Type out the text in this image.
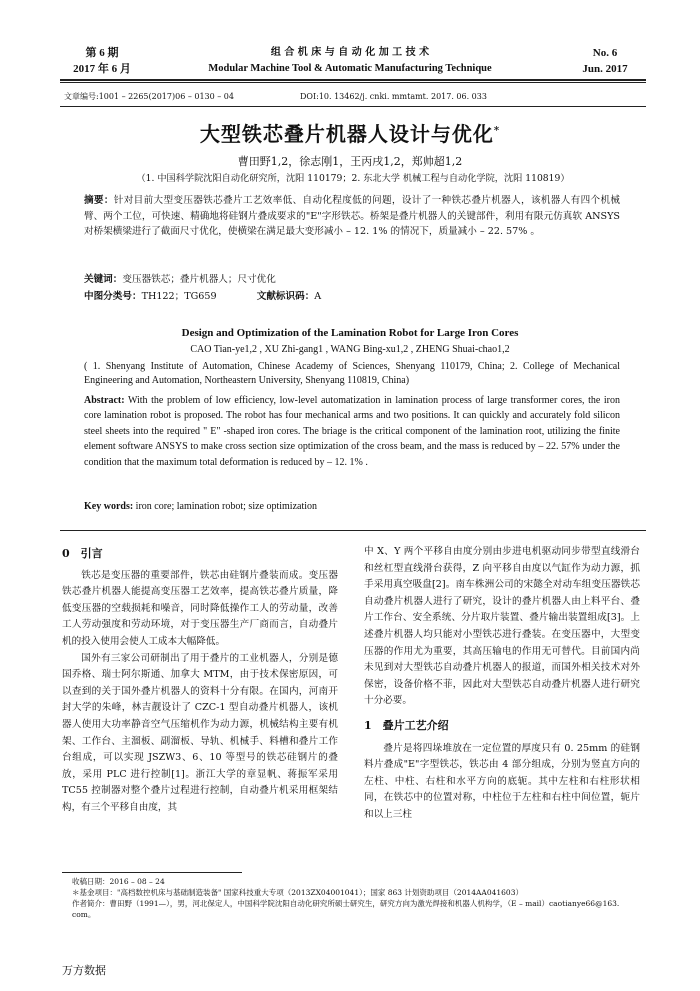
第 6 期
2017 年 6 月
组 合 机 床 与 自 动 化 加 工 技 术
Modular Machine Tool & Automatic Manufacturing Technique
No. 6
Jun. 2017
文章编号:1001 – 2265(2017)06 – 0130 – 04	DOI:10. 13462/j. cnki. mmtamt. 2017. 06. 033
大型铁芯叠片机器人设计与优化*
曹田野1,2，徐志刚1，王丙戌1,2，郑帅超1,2
（1. 中国科学院沈阳自动化研究所，沈阳 110179；2. 东北大学 机械工程与自动化学院，沈阳 110819）
摘要：针对目前大型变压器铁芯叠片工艺效率低、自动化程度低的问题，设计了一种铁芯叠片机器人，该机器人有四个机械臂、两个工位，可快速、精确地将硅钢片叠成要求的"E"字形铁芯。桥架是叠片机器人的关键部件，利用有限元仿真软 ANSYS 对桥架横梁进行了截面尺寸优化，使横梁在满足最大变形减小 – 12. 1% 的情况下，质量减小 – 22. 57% 。
关键词：变压器铁芯；叠片机器人；尺寸优化
中图分类号：TH122；TG659	文献标识码：A
Design and Optimization of the Lamination Robot for Large Iron Cores
CAO Tian-ye1,2 , XU Zhi-gang1 , WANG Bing-xu1,2 , ZHENG Shuai-chao1,2
( 1. Shenyang Institute of Automation, Chinese Academy of Sciences, Shenyang 110179, China; 2. College of Mechanical Engineering and Automation, Northeastern University, Shenyang 110819, China)
Abstract: With the problem of low efficiency, low-level automatization in lamination process of large transformer cores, the iron core lamination robot is proposed. The robot has four mechanical arms and two positions. It can quickly and accurately fold silicon steel sheets into the required " E" -shaped iron cores. The briage is the critical component of the lamination root, utilizing the finite element software ANSYS to make cross section size optimization of the cross beam, and the mass is reduced by – 22. 57% under the condition that the maximum total deformation is reduced by – 12. 1% .
Key words: iron core; lamination robot; size optimization
0　引言

铁芯是变压器的重要部件，铁芯由硅钢片叠装而成。变压器铁芯叠片机器人能提高变压器工艺效率，提高铁芯叠片质量，降低变压器的空载损耗和噪音，同时降低操作工人的劳动量，改善工人劳动强度和劳动环境，对于变压器生产厂商而言，自动叠片机的投入使用会使人工成本大幅降低。

国外有三家公司研制出了用于叠片的工业机器人，分别是德国乔格、瑞士阿尔斯通、加拿大 MTM，由于技术保密原因，可以查到的关于国外叠片机器人的资料十分有限。在国内，河南开封大学的朱峰，林吉靓设计了 CZC-1 型自动叠片机器人，该机器人使用大功率静音空气压缩机作为动力源，机械结构主要有机架、工作台、主溜板、副溜板、导轨、机械手、料槽和叠片工作台组成，可以实现 JSZW3、6、10 等型号的铁芯硅钢片的叠放，采用 PLC 进行控制[1]。浙江大学的章显帆、蒋振军采用 TC55 控制器对整个叠片过程进行控制，自动叠片机采用框架结构，有三个平移自由度，其

中 X、Y 两个平移自由度分别由步进电机驱动同步带型直线滑台和丝杠型直线滑台获得，Z 向平移自由度以气缸作为动力源，抓手采用真空吸盘[2]。南车株洲公司的宋懿全对动车组变压器铁芯自动叠片机器人进行了研究，设计的叠片机器人由上料平台、叠片工作台、安全系统、分片取片装置、叠片输出装置组成[3]。上述叠片机器人均只能对小型铁芯进行叠装。在变压器中，大型变压器的作用尤为重要，其高压输电的作用无可替代。目前国内尚未见到对大型铁芯自动叠片机器人的报道，而国外相关技术对外保密，设备价格不菲，因此对大型铁芯自动叠片机器人进行研究十分必要。

1　叠片工艺介绍

叠片是将四垛堆放在一定位置的厚度只有 0. 25mm 的硅钢料片叠成"E"字型铁芯，铁芯由 4 部分组成，分别为竖直方向的左柱、中柱、右柱和水平方向的底轭。其中左柱和右柱形状相同，在铁芯中的位置对称，中柱位于左柱和右柱中间位置，轭片和以上三柱

收稿日期：2016 – 08 – 24
＊基金项目："高档数控机床与基础制造装备" 国家科技重大专项（2013ZX04001041）；国家 863 计划资助项目（2014AA041603）
作者简介：曹田野（1991—），男，河北保定人，中国科学院沈阳自动化研究所硕士研究生，研究方向为激光焊接和机器人机构学，（E – mail）caotianye66@163. com。
万方数据
